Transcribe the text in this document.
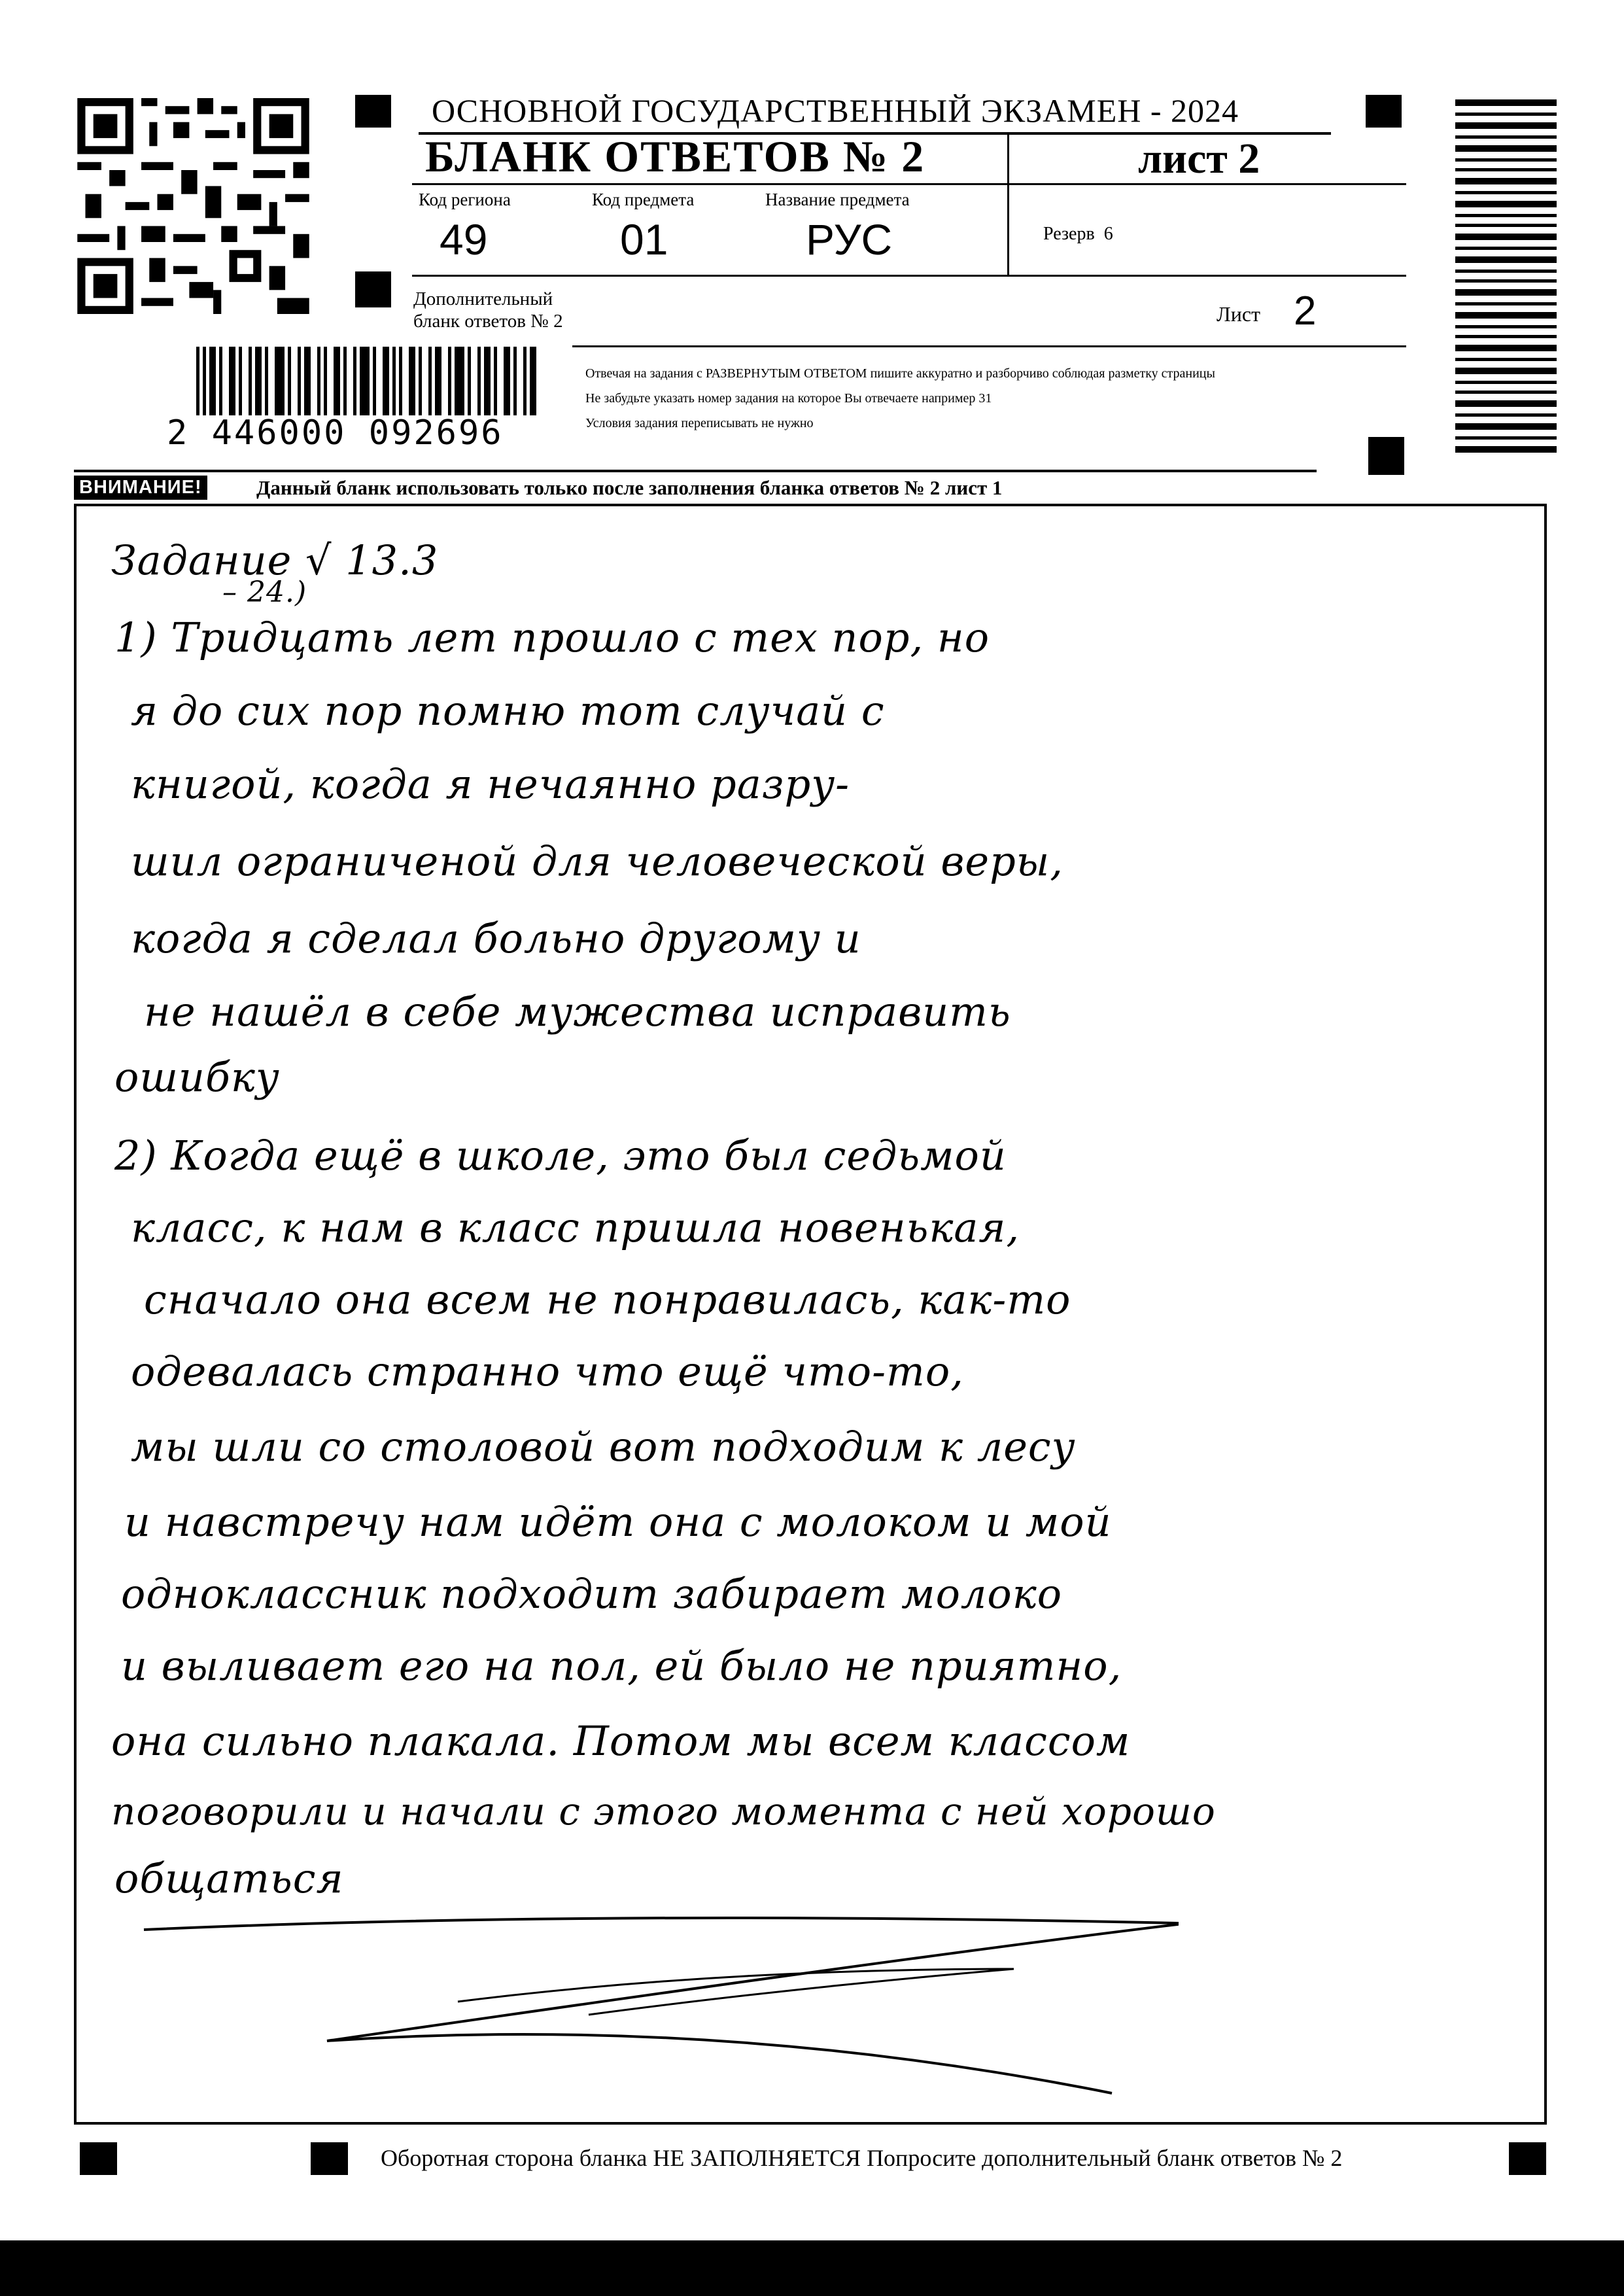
2 446000 092696
ОСНОВНОЙ ГОСУДАРСТВЕННЫЙ ЭКЗАМЕН - 2024
БЛАНК ОТВЕТОВ № 2	лист 2
Код региона
49
Код предмета
01
Название предмета
РУС	Резерв 6
Дополнительный
бланк ответов № 2	Лист 2
Отвечая на задания с РАЗВЕРНУТЫМ ОТВЕТОМ пишите аккуратно и разборчиво соблюдая разметку страницы
Не забудьте указать номер задания на которое Вы отвечаете например 31
Условия задания переписывать не нужно
ВНИМАНИЕ!	Данный бланк использовать только после заполнения бланка ответов № 2 лист 1
Задание √ 13.3
– 24.)
1) Тридцать лет прошло с тех пор, но
я до сих пор помню тот случай с
книгой, когда я нечаянно разру-
шил ограниченой для человеческой веры,
когда я сделал больно другому и
не нашёл в себе мужества исправить
ошибку
2) Когда ещё в школе, это был седьмой
класс, к нам в класс пришла новенькая,
сначало она всем не понравилась, как-то
одевалась странно что ещё что-то,
мы шли со столовой вот подходим к лесу
и навстречу нам идёт она с молоком и мой
одноклассник подходит забирает молоко
и выливает его на пол, ей было не приятно,
она сильно плакала. Потом мы всем классом
поговорили и начали с этого момента с ней хорошо
общаться
Оборотная сторона бланка НЕ ЗАПОЛНЯЕТСЯ Попросите дополнительный бланк ответов № 2
